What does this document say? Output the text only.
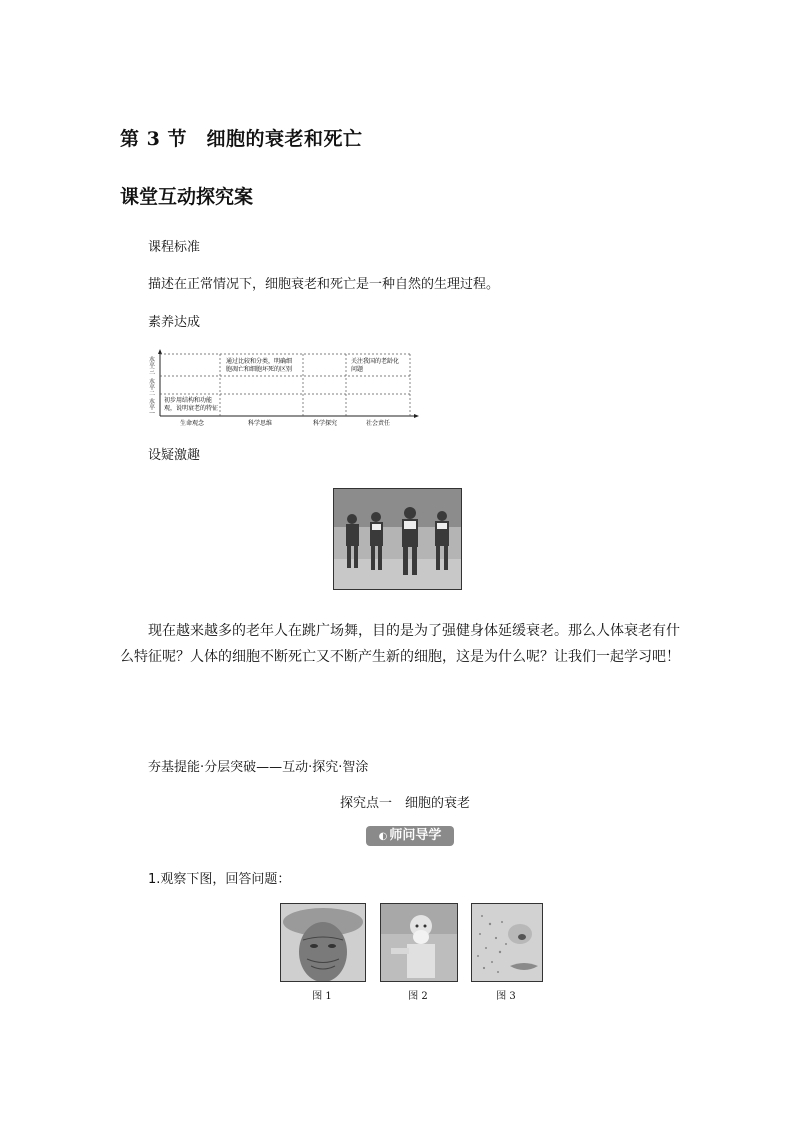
第 3 节　细胞的衰老和死亡
课堂互动探究案
课程标准
描述在正常情况下，细胞衰老和死亡是一种自然的生理过程。
素养达成
水平三
水平二
水平一
通过比较和分类，明确细
胞凋亡和细胞坏死的区别
关注我国的老龄化
问题
初步用结构和功能
观，说明衰老的特征
生命观念	科学思维	科学探究	社会责任
设疑激趣
现在越来越多的老年人在跳广场舞，目的是为了强健身体延缓衰老。那么人体衰老有什么特征呢？人体的细胞不断死亡又不断产生新的细胞，这是为什么呢？让我们一起学习吧！
夯基提能·分层突破——互动·探究·智涂
探究点一　细胞的衰老
◐ 师问导学
1.观察下图，回答问题：
图 1	图 2	图 3
